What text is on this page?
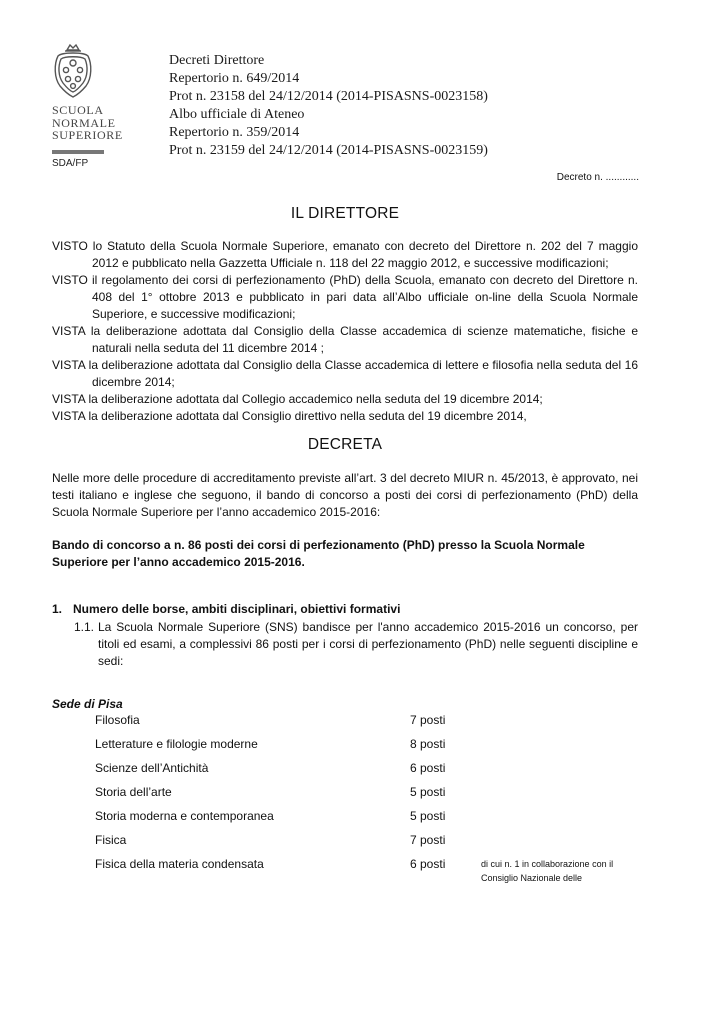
SCUOLA
NORMALE
SUPERIORE
SDA/FP
Decreti Direttore
Repertorio n. 649/2014
Prot n. 23158 del 24/12/2014 (2014-PISASNS-0023158)
Albo ufficiale di Ateneo
Repertorio n. 359/2014
Prot n. 23159 del 24/12/2014 (2014-PISASNS-0023159)
Decreto n. ............
IL DIRETTORE

VISTO lo Statuto della Scuola Normale Superiore, emanato con decreto del Direttore n. 202 del 7 maggio 2012 e pubblicato nella Gazzetta Ufficiale n. 118 del 22 maggio 2012, e successive modificazioni;

VISTO il regolamento dei corsi di perfezionamento (PhD) della Scuola, emanato con decreto del Direttore n. 408 del 1° ottobre 2013 e pubblicato in pari data all’Albo ufficiale on-line della Scuola Normale Superiore, e successive modificazioni;

VISTA la deliberazione adottata dal Consiglio della Classe accademica di scienze matematiche, fisiche e naturali nella seduta del 11 dicembre 2014 ;

VISTA la deliberazione adottata dal Consiglio della Classe accademica di lettere e filosofia nella seduta del 16 dicembre 2014;

VISTA la deliberazione adottata dal Collegio accademico nella seduta del 19 dicembre 2014;

VISTA la deliberazione adottata dal Consiglio direttivo nella seduta del 19 dicembre 2014,

DECRETA
Nelle more delle procedure di accreditamento previste all’art. 3 del decreto MIUR n. 45/2013, è approvato, nei testi italiano e inglese che seguono, il bando di concorso a posti dei corsi di perfezionamento (PhD) della Scuola Normale Superiore per l’anno accademico 2015-2016:
Bando di concorso a n. 86 posti dei corsi di perfezionamento (PhD) presso la Scuola Normale Superiore per l’anno accademico 2015-2016.
1. Numero delle borse, ambiti disciplinari, obiettivi formativi
1.1. La Scuola Normale Superiore (SNS) bandisce per l'anno accademico 2015-2016 un concorso, per titoli ed esami, a complessivi 86 posti per i corsi di perfezionamento (PhD) nelle seguenti discipline e sedi:
Sede di Pisa
Filosofia	7 posti
Letterature e filologie moderne	8 posti
Scienze dell’Antichità	6 posti
Storia dell’arte	5 posti
Storia moderna e contemporanea	5 posti
Fisica	7 posti
Fisica della materia condensata	6 posti	di cui n. 1 in collaborazione con il Consiglio Nazionale delle
